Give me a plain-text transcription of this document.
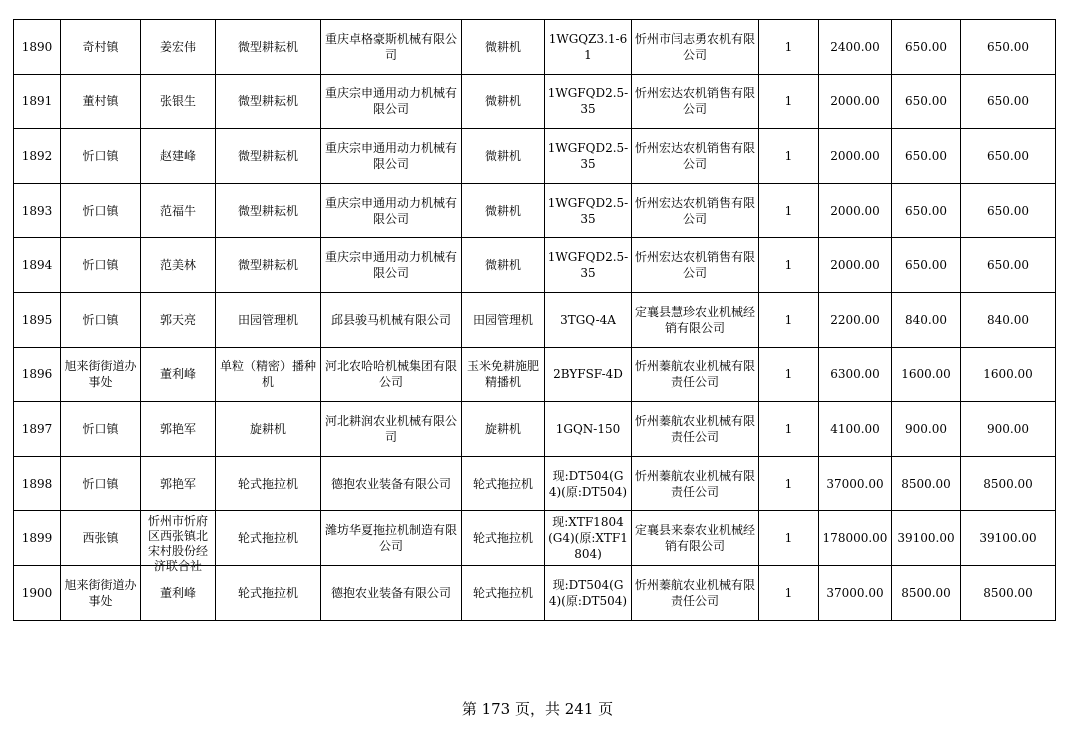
1890	奇村镇	姜宏伟	微型耕耘机	重庆卓格豪斯机械有限公司	微耕机	1WGQZ3.1-61	忻州市闫志勇农机有限公司	1	2400.00	650.00	650.00
1891	董村镇	张银生	微型耕耘机	重庆宗申通用动力机械有限公司	微耕机	1WGFQD2.5-35	忻州宏达农机销售有限公司	1	2000.00	650.00	650.00
1892	忻口镇	赵建峰	微型耕耘机	重庆宗申通用动力机械有限公司	微耕机	1WGFQD2.5-35	忻州宏达农机销售有限公司	1	2000.00	650.00	650.00
1893	忻口镇	范福牛	微型耕耘机	重庆宗申通用动力机械有限公司	微耕机	1WGFQD2.5-35	忻州宏达农机销售有限公司	1	2000.00	650.00	650.00
1894	忻口镇	范美林	微型耕耘机	重庆宗申通用动力机械有限公司	微耕机	1WGFQD2.5-35	忻州宏达农机销售有限公司	1	2000.00	650.00	650.00
1895	忻口镇	郭天亮	田园管理机	邱县骏马机械有限公司	田园管理机	3TGQ-4A	定襄县慧珍农业机械经销有限公司	1	2200.00	840.00	840.00
1896	旭来街街道办事处	董利峰	单粒（精密）播种机	河北农哈哈机械集团有限公司	玉米免耕施肥精播机	2BYFSF-4D	忻州蓁航农业机械有限责任公司	1	6300.00	1600.00	1600.00
1897	忻口镇	郭艳军	旋耕机	河北耕润农业机械有限公司	旋耕机	1GQN-150	忻州蓁航农业机械有限责任公司	1	4100.00	900.00	900.00
1898	忻口镇	郭艳军	轮式拖拉机	德抱农业装备有限公司	轮式拖拉机	现:DT504(G4)(原:DT504)	忻州蓁航农业机械有限责任公司	1	37000.00	8500.00	8500.00
1899	西张镇	忻州市忻府区西张镇北宋村股份经济联合社	轮式拖拉机	潍坊华夏拖拉机制造有限公司	轮式拖拉机	现:XTF1804(G4)(原:XTF1804)	定襄县来泰农业机械经销有限公司	1	178000.00	39100.00	39100.00
1900	旭来街街道办事处	董利峰	轮式拖拉机	德抱农业装备有限公司	轮式拖拉机	现:DT504(G4)(原:DT504)	忻州蓁航农业机械有限责任公司	1	37000.00	8500.00	8500.00
第 173 页，共 241 页
